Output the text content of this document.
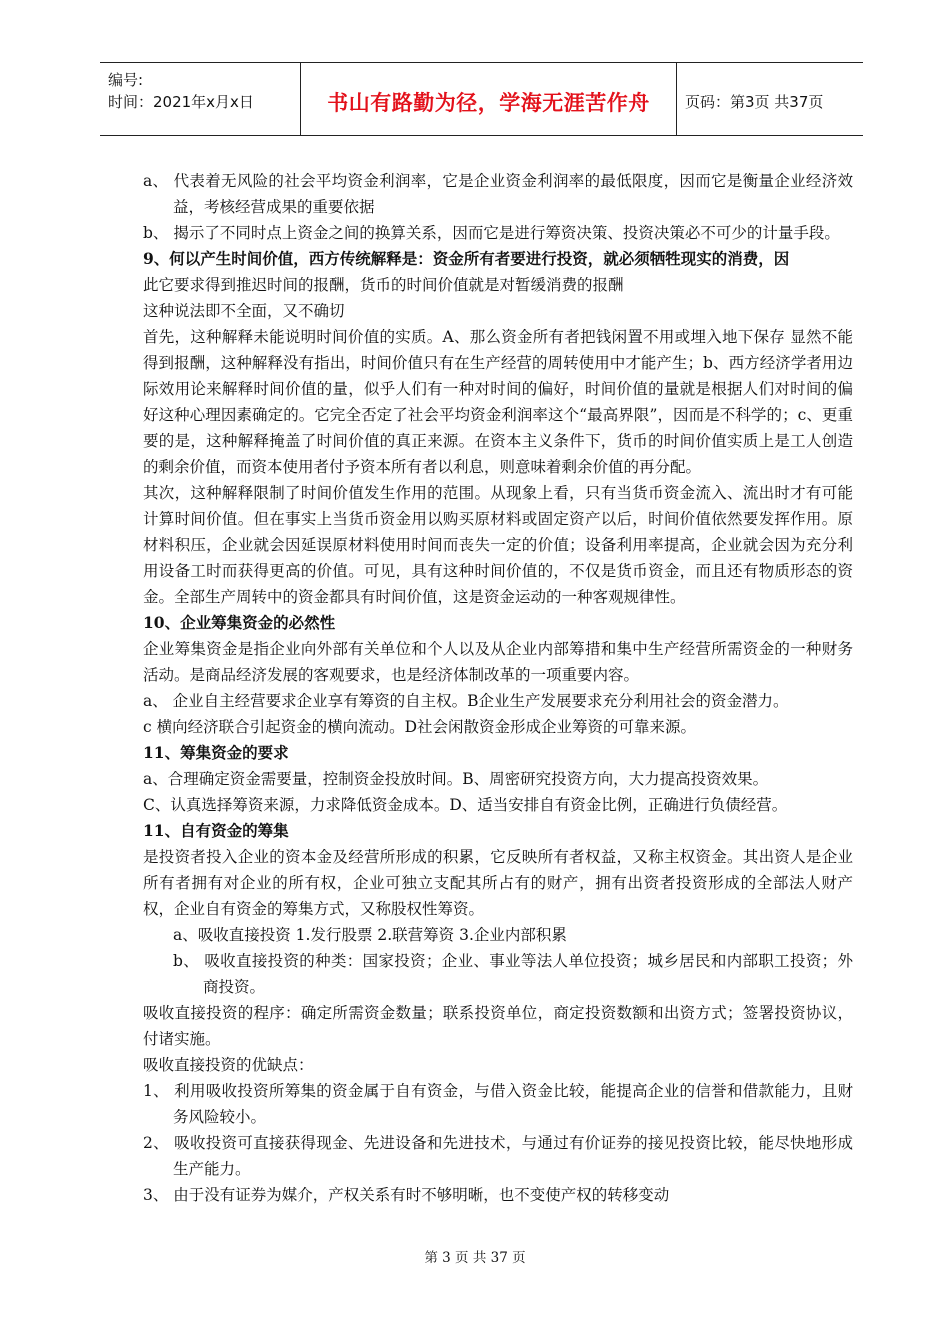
编号:
时间：2021年x月x日	书山有路勤为径，学海无涯苦作舟	页码：第3页 共37页

a、 代表着无风险的社会平均资金利润率，它是企业资金利润率的最低限度，因而它是衡量企业经济效益，考核经营成果的重要依据

b、 揭示了不同时点上资金之间的换算关系，因而它是进行筹资决策、投资决策必不可少的计量手段。

9、何以产生时间价值，西方传统解释是：资金所有者要进行投资，就必须牺牲现实的消费，因

此它要求得到推迟时间的报酬，货币的时间价值就是对暂缓消费的报酬

这种说法即不全面，又不确切

首先，这种解释未能说明时间价值的实质。A、那么资金所有者把钱闲置不用或埋入地下保存 显然不能得到报酬，这种解释没有指出，时间价值只有在生产经营的周转使用中才能产生；b、西方经济学者用边际效用论来解释时间价值的量，似乎人们有一种对时间的偏好，时间价值的量就是根据人们对时间的偏好这种心理因素确定的。它完全否定了社会平均资金利润率这个“最高界限”，因而是不科学的；c、更重要的是，这种解释掩盖了时间价值的真正来源。在资本主义条件下，货币的时间价值实质上是工人创造的剩余价值，而资本使用者付予资本所有者以利息，则意味着剩余价值的再分配。

其次，这种解释限制了时间价值发生作用的范围。从现象上看，只有当货币资金流入、流出时才有可能计算时间价值。但在事实上当货币资金用以购买原材料或固定资产以后，时间价值依然要发挥作用。原材料积压，企业就会因延误原材料使用时间而丧失一定的价值；设备利用率提高，企业就会因为充分利用设备工时而获得更高的价值。可见，具有这种时间价值的，不仅是货币资金，而且还有物质形态的资金。全部生产周转中的资金都具有时间价值，这是资金运动的一种客观规律性。

10、企业筹集资金的必然性

企业筹集资金是指企业向外部有关单位和个人以及从企业内部筹措和集中生产经营所需资金的一种财务活动。是商品经济发展的客观要求，也是经济体制改革的一项重要内容。

a、 企业自主经营要求企业享有筹资的自主权。B企业生产发展要求充分利用社会的资金潜力。

c 横向经济联合引起资金的横向流动。D社会闲散资金形成企业筹资的可靠来源。

11、筹集资金的要求

a、合理确定资金需要量，控制资金投放时间。B、周密研究投资方向，大力提高投资效果。

C、认真选择筹资来源，力求降低资金成本。D、适当安排自有资金比例，正确进行负债经营。

11、自有资金的筹集

是投资者投入企业的资本金及经营所形成的积累，它反映所有者权益，又称主权资金。其出资人是企业所有者拥有对企业的所有权，企业可独立支配其所占有的财产，拥有出资者投资形成的全部法人财产权，企业自有资金的筹集方式，又称股权性筹资。

a、吸收直接投资 1.发行股票 2.联营筹资 3.企业内部积累

b、 吸收直接投资的种类：国家投资；企业、事业等法人单位投资；城乡居民和内部职工投资；外商投资。

吸收直接投资的程序：确定所需资金数量；联系投资单位，商定投资数额和出资方式；签署投资协议，付诸实施。

吸收直接投资的优缺点：

1、 利用吸收投资所筹集的资金属于自有资金，与借入资金比较，能提高企业的信誉和借款能力，且财务风险较小。

2、 吸收投资可直接获得现金、先进设备和先进技术，与通过有价证券的接见投资比较，能尽快地形成生产能力。

3、 由于没有证券为媒介，产权关系有时不够明晰，也不变使产权的转移变动

第 3 页 共 37 页
